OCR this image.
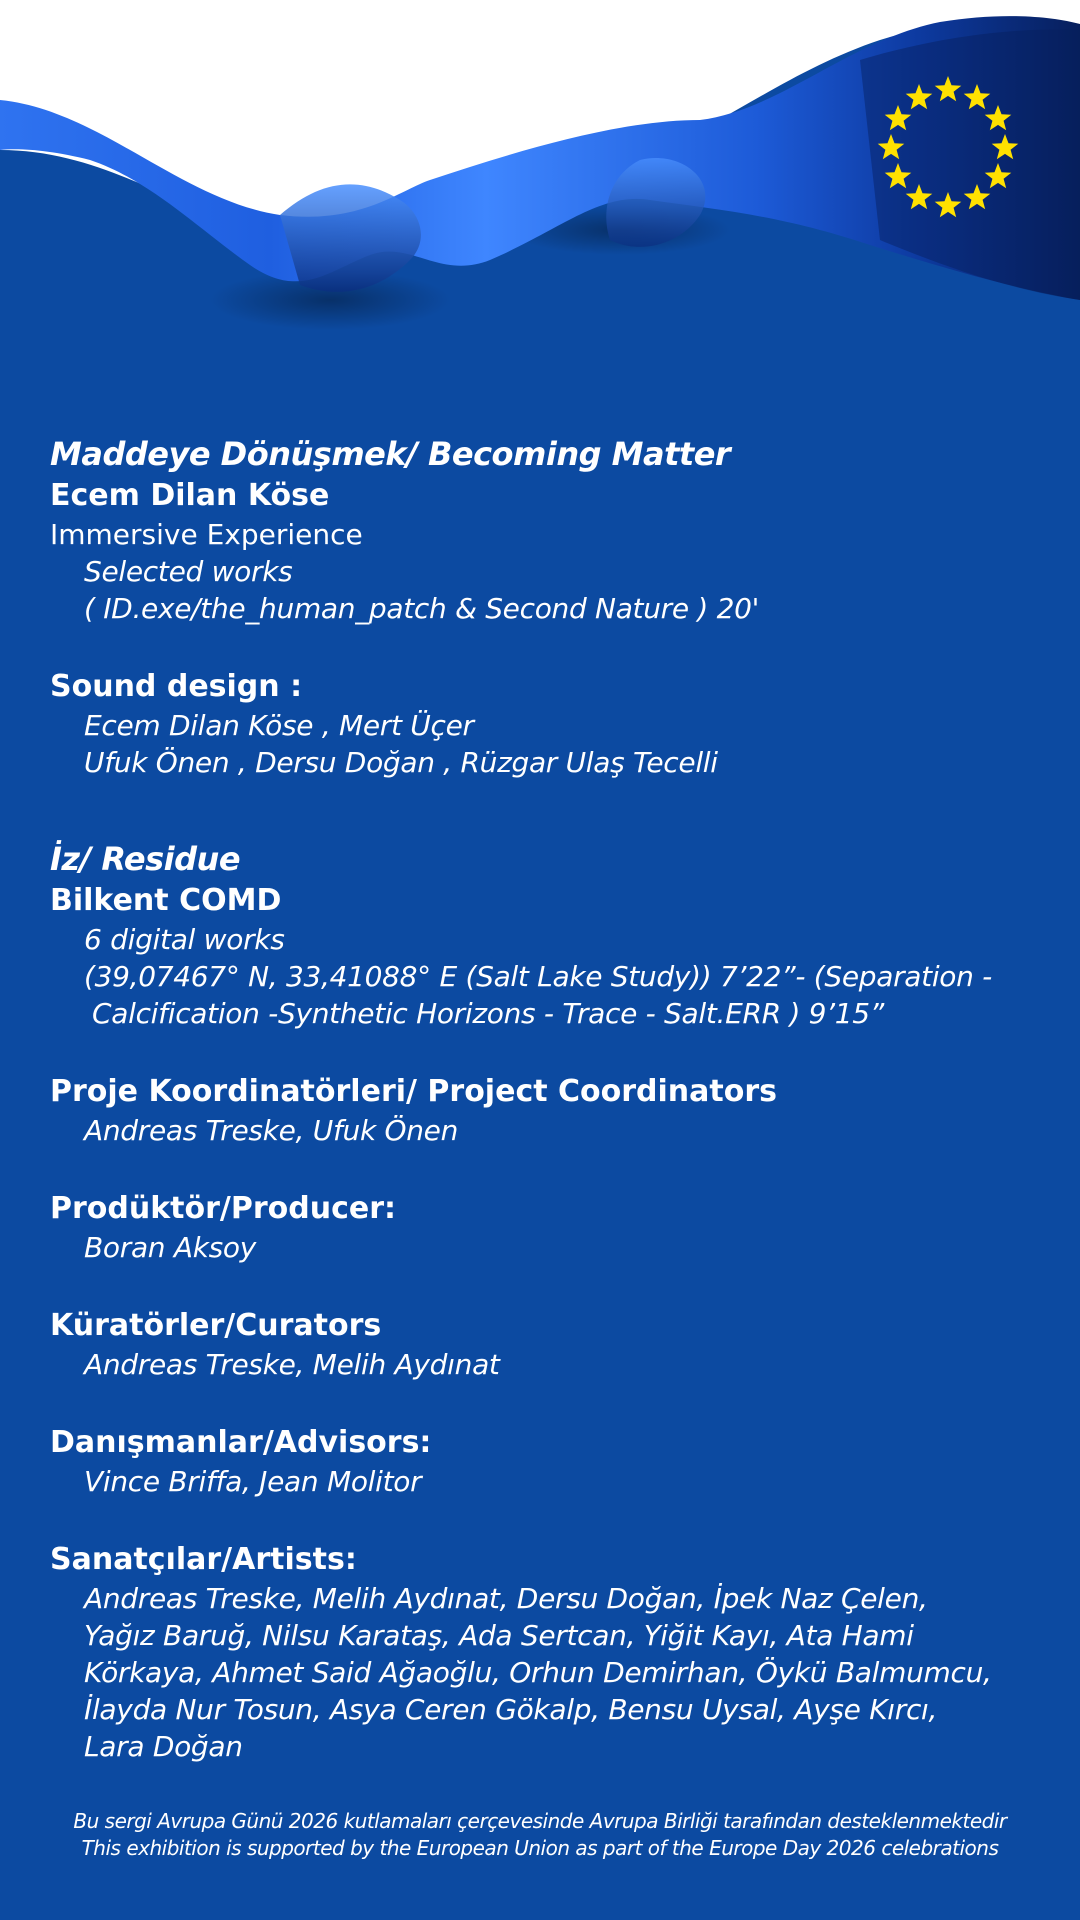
Maddeye Dönüşmek/ Becoming Matter
Ecem Dilan Köse
Immersive Experience
Selected works
( ID.exe/the_human_patch & Second Nature ) 20'
Sound design :
Ecem Dilan Köse , Mert Üçer
Ufuk Önen , Dersu Doğan , Rüzgar Ulaş Tecelli
İz/ Residue
Bilkent COMD
6 digital works
(39,07467° N, 33,41088° E (Salt Lake Study)) 7’22”- (Separation -
Calcification -Synthetic Horizons - Trace - Salt.ERR ) 9’15”
Proje Koordinatörleri/ Project Coordinators
Andreas Treske, Ufuk Önen
Prodüktör/Producer:
Boran Aksoy
Küratörler/Curators
Andreas Treske, Melih Aydınat
Danışmanlar/Advisors:
Vince Briffa, Jean Molitor
Sanatçılar/Artists:
Andreas Treske, Melih Aydınat, Dersu Doğan, İpek Naz Çelen, Yağız Baruğ, Nilsu Karataş, Ada Sertcan, Yiğit Kayı, Ata Hami Körkaya, Ahmet Said Ağaoğlu, Orhun Demirhan, Öykü Balmumcu, İlayda Nur Tosun, Asya Ceren Gökalp, Bensu Uysal, Ayşe Kırcı, Lara Doğan
Bu sergi Avrupa Günü 2026 kutlamaları çerçevesinde Avrupa Birliği tarafından desteklenmektedir
This exhibition is supported by the European Union as part of the Europe Day 2026 celebrations
